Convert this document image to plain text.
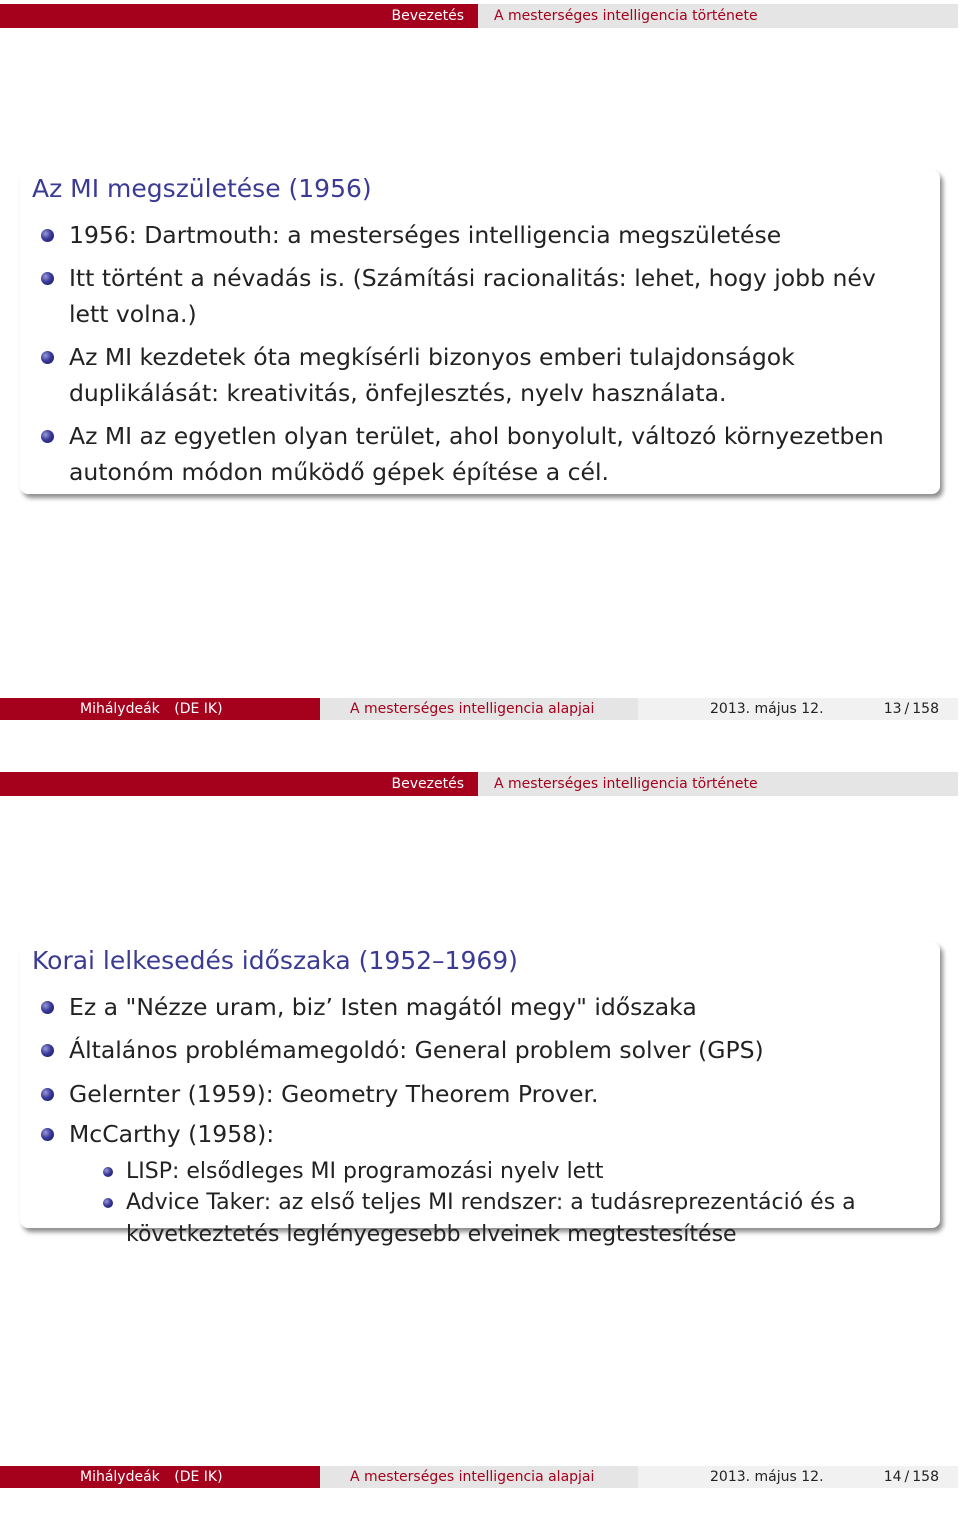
Bevezetés	A mesterséges intelligencia története
Az MI megszületése (1956)
1956: Dartmouth: a mesterséges intelligencia megszületése
Itt történt a névadás is. (Számítási racionalitás: lehet, hogy jobb név lett volna.)
Az MI kezdetek óta megkísérli bizonyos emberi tulajdonságok duplikálását: kreativitás, önfejlesztés, nyelv használata.
Az MI az egyetlen olyan terület, ahol bonyolult, változó környezetben autonóm módon működő gépek építése a cél.
Mihálydeák (DE IK)	A mesterséges intelligencia alapjai	2013. május 12.	13 / 158
Bevezetés	A mesterséges intelligencia története
Korai lelkesedés időszaka (1952–1969)
Ez a "Nézze uram, biz’ Isten magától megy" időszaka
Általános problémamegoldó: General problem solver (GPS)
Gelernter (1959): Geometry Theorem Prover.
McCarthy (1958):
LISP: elsődleges MI programozási nyelv lett
Advice Taker: az első teljes MI rendszer: a tudásreprezentáció és a következtetés leglényegesebb elveinek megtestesítése
Mihálydeák (DE IK)	A mesterséges intelligencia alapjai	2013. május 12.	14 / 158
